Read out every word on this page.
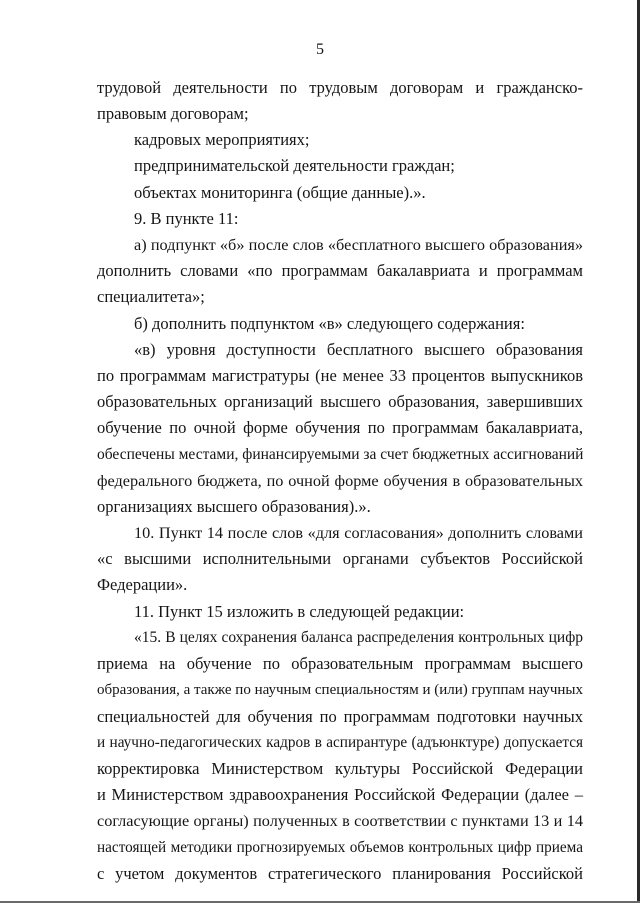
5
трудовой деятельности по трудовым договорам и гражданско-
правовым договорам;
кадровых мероприятиях;
предпринимательской деятельности граждан;
объектах мониторинга (общие данные).».
9. В пункте 11:
а) подпункт «б» после слов «бесплатного высшего образования»
дополнить словами «по программам бакалавриата и программам
специалитета»;
б) дополнить подпунктом «в» следующего содержания:
«в) уровня доступности бесплатного высшего образования
по программам магистратуры (не менее 33 процентов выпускников
образовательных организаций высшего образования, завершивших
обучение по очной форме обучения по программам бакалавриата,
обеспечены местами, финансируемыми за счет бюджетных ассигнований
федерального бюджета, по очной форме обучения в образовательных
организациях высшего образования).».
10. Пункт 14 после слов «для согласования» дополнить словами
«с высшими исполнительными органами субъектов Российской
Федерации».
11. Пункт 15 изложить в следующей редакции:
«15. В целях сохранения баланса распределения контрольных цифр
приема на обучение по образовательным программам высшего
образования, а также по научным специальностям и (или) группам научных
специальностей для обучения по программам подготовки научных
и научно-педагогических кадров в аспирантуре (адъюнктуре) допускается
корректировка Министерством культуры Российской Федерации
и Министерством здравоохранения Российской Федерации (далее –
согласующие органы) полученных в соответствии с пунктами 13 и 14
настоящей методики прогнозируемых объемов контрольных цифр приема
с учетом документов стратегического планирования Российской
